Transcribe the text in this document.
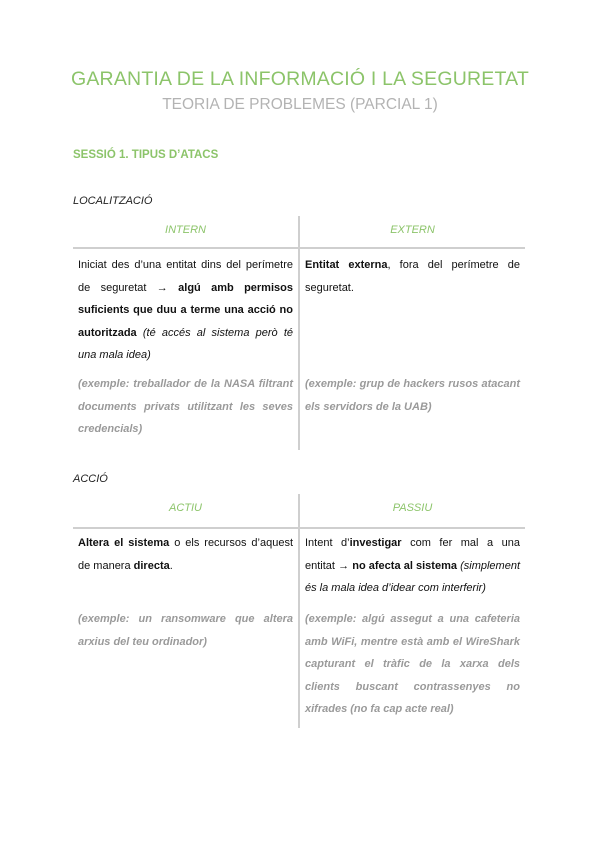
GARANTIA DE LA INFORMACIÓ I LA SEGURETAT
TEORIA DE PROBLEMES (PARCIAL 1)
SESSIÓ 1. TIPUS D’ATACS
LOCALITZACIÓ
INTERN	EXTERN
Iniciat des d’una entitat dins del perímetre de seguretat → algú amb permisos suficients que duu a terme una acció no autoritzada (té accés al sistema però té una mala idea)
(exemple: treballador de la NASA filtrant documents privats utilitzant les seves credencials)
Entitat externa, fora del perímetre de seguretat.
(exemple: grup de hackers rusos atacant els servidors de la UAB)
ACCIÓ
ACTIU	PASSIU
Altera el sistema o els recursos d’aquest de manera directa.
(exemple: un ransomware que altera arxius del teu ordinador)
Intent d’investigar com fer mal a una entitat → no afecta al sistema (simplement és la mala idea d’idear com interferir)
(exemple: algú assegut a una cafeteria amb WiFi, mentre està amb el WireShark capturant el tràfic de la xarxa dels clients buscant contrassenyes no xifrades (no fa cap acte real)
